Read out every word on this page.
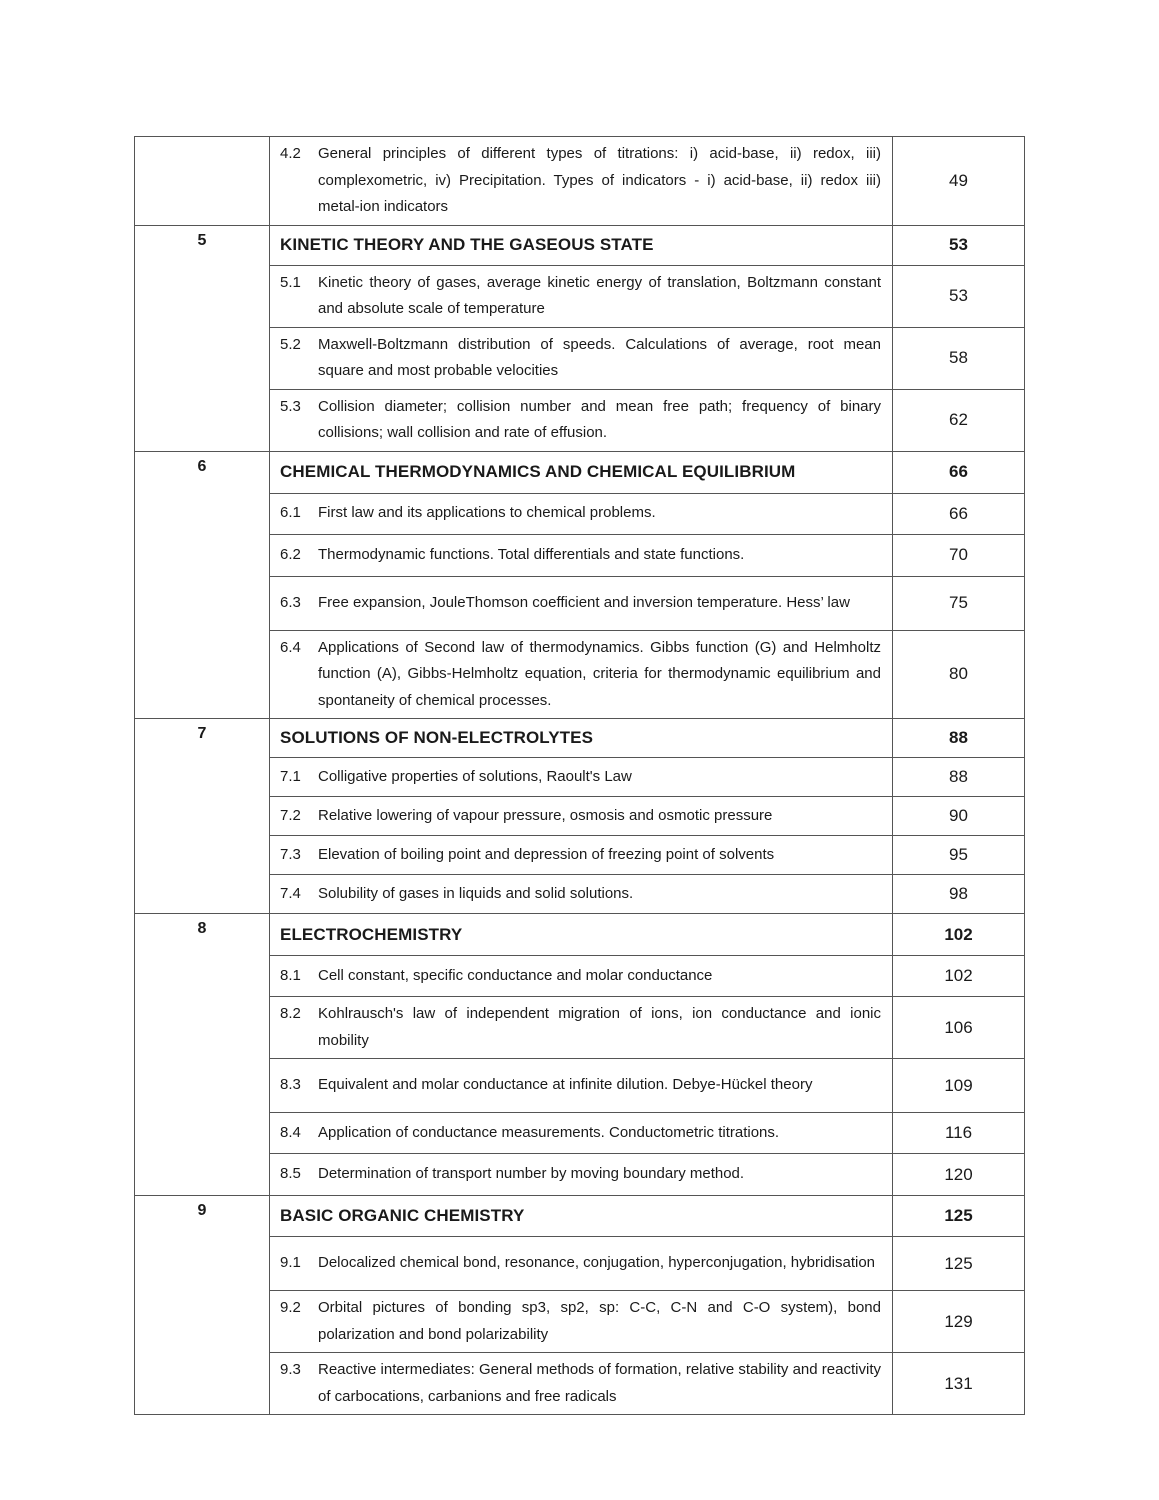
	4.2 General principles of different types of titrations: i) acid-base, ii) redox, iii) complexometric, iv) Precipitation. Types of indicators - i) acid-base, ii) redox iii) metal-ion indicators	49
5	KINETIC THEORY AND THE GASEOUS STATE	53

	5.1 Kinetic theory of gases, average kinetic energy of translation, Boltzmann constant and absolute scale of temperature	53

	5.2 Maxwell-Boltzmann distribution of speeds. Calculations of average, root mean square and most probable velocities	58

	5.3 Collision diameter; collision number and mean free path; frequency of binary collisions; wall collision and rate of effusion.	62
6	CHEMICAL THERMODYNAMICS AND CHEMICAL EQUILIBRIUM	66

	6.1 First law and its applications to chemical problems.	66

	6.2 Thermodynamic functions. Total differentials and state functions.	70

	6.3 Free expansion, JouleThomson coefficient and inversion temperature. Hess’ law	75

	6.4 Applications of Second law of thermodynamics. Gibbs function (G) and Helmholtz function (A), Gibbs-Helmholtz equation, criteria for thermodynamic equilibrium and spontaneity of chemical processes.	80
7	SOLUTIONS OF NON-ELECTROLYTES	88

	7.1 Colligative properties of solutions, Raoult's Law	88

	7.2 Relative lowering of vapour pressure, osmosis and osmotic pressure	90

	7.3 Elevation of boiling point and depression of freezing point of solvents	95

	7.4 Solubility of gases in liquids and solid solutions.	98
8	ELECTROCHEMISTRY	102

	8.1 Cell constant, specific conductance and molar conductance	102

	8.2 Kohlrausch's law of independent migration of ions, ion conductance and ionic mobility	106

	8.3 Equivalent and molar conductance at infinite dilution. Debye-Hückel theory	109

	8.4 Application of conductance measurements. Conductometric titrations.	116

	8.5 Determination of transport number by moving boundary method.	120
9	BASIC ORGANIC CHEMISTRY	125

	9.1 Delocalized chemical bond, resonance, conjugation, hyperconjugation, hybridisation	125

	9.2 Orbital pictures of bonding sp3, sp2, sp: C-C, C-N and C-O system), bond polarization and bond polarizability	129

	9.3 Reactive intermediates: General methods of formation, relative stability and reactivity of carbocations, carbanions and free radicals	131
